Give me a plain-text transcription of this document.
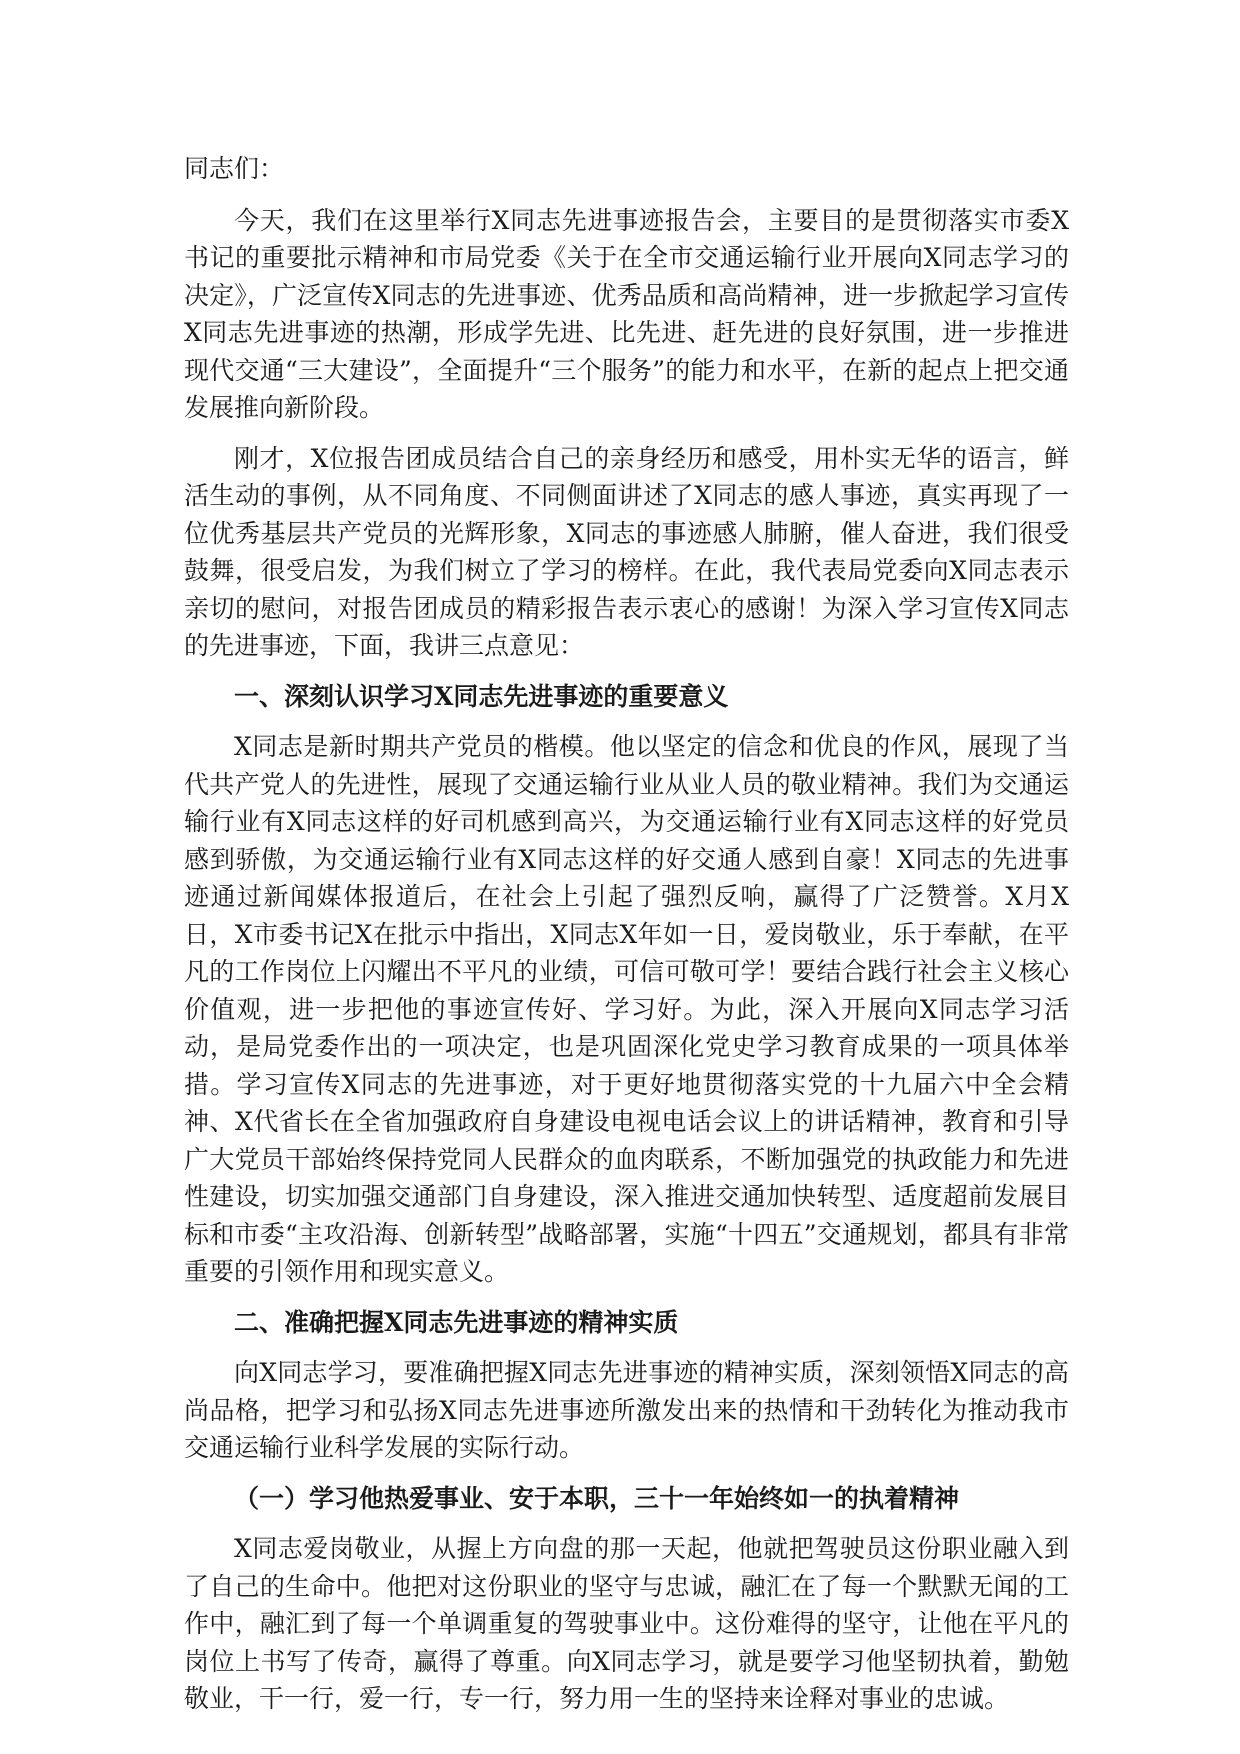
同志们：

今天，我们在这里举行X同志先进事迹报告会，主要目的是贯彻落实市委X书记的重要批示精神和市局党委《关于在全市交通运输行业开展向X同志学习的决定》，广泛宣传X同志的先进事迹、优秀品质和高尚精神，进一步掀起学习宣传X同志先进事迹的热潮，形成学先进、比先进、赶先进的良好氛围，进一步推进现代交通“三大建设”，全面提升“三个服务”的能力和水平，在新的起点上把交通发展推向新阶段。

刚才，X位报告团成员结合自己的亲身经历和感受，用朴实无华的语言，鲜活生动的事例，从不同角度、不同侧面讲述了X同志的感人事迹，真实再现了一位优秀基层共产党员的光辉形象，X同志的事迹感人肺腑，催人奋进，我们很受鼓舞，很受启发，为我们树立了学习的榜样。在此，我代表局党委向X同志表示亲切的慰问，对报告团成员的精彩报告表示衷心的感谢！为深入学习宣传X同志的先进事迹，下面，我讲三点意见：

一、深刻认识学习X同志先进事迹的重要意义

X同志是新时期共产党员的楷模。他以坚定的信念和优良的作风，展现了当代共产党人的先进性，展现了交通运输行业从业人员的敬业精神。我们为交通运输行业有X同志这样的好司机感到高兴，为交通运输行业有X同志这样的好党员感到骄傲，为交通运输行业有X同志这样的好交通人感到自豪！X同志的先进事迹通过新闻媒体报道后，在社会上引起了强烈反响，赢得了广泛赞誉。X月X日，X市委书记X在批示中指出，X同志X年如一日，爱岗敬业，乐于奉献，在平凡的工作岗位上闪耀出不平凡的业绩，可信可敬可学！要结合践行社会主义核心价值观，进一步把他的事迹宣传好、学习好。为此，深入开展向X同志学习活动，是局党委作出的一项决定，也是巩固深化党史学习教育成果的一项具体举措。学习宣传X同志的先进事迹，对于更好地贯彻落实党的十九届六中全会精神、X代省长在全省加强政府自身建设电视电话会议上的讲话精神，教育和引导广大党员干部始终保持党同人民群众的血肉联系，不断加强党的执政能力和先进性建设，切实加强交通部门自身建设，深入推进交通加快转型、适度超前发展目标和市委“主攻沿海、创新转型”战略部署，实施“十四五”交通规划，都具有非常重要的引领作用和现实意义。

二、准确把握X同志先进事迹的精神实质

向X同志学习，要准确把握X同志先进事迹的精神实质，深刻领悟X同志的高尚品格，把学习和弘扬X同志先进事迹所激发出来的热情和干劲转化为推动我市交通运输行业科学发展的实际行动。

（一）学习他热爱事业、安于本职，三十一年始终如一的执着精神

X同志爱岗敬业，从握上方向盘的那一天起，他就把驾驶员这份职业融入到了自己的生命中。他把对这份职业的坚守与忠诚，融汇在了每一个默默无闻的工作中，融汇到了每一个单调重复的驾驶事业中。这份难得的坚守，让他在平凡的岗位上书写了传奇，赢得了尊重。向X同志学习，就是要学习他坚韧执着，勤勉敬业，干一行，爱一行，专一行，努力用一生的坚持来诠释对事业的忠诚。
